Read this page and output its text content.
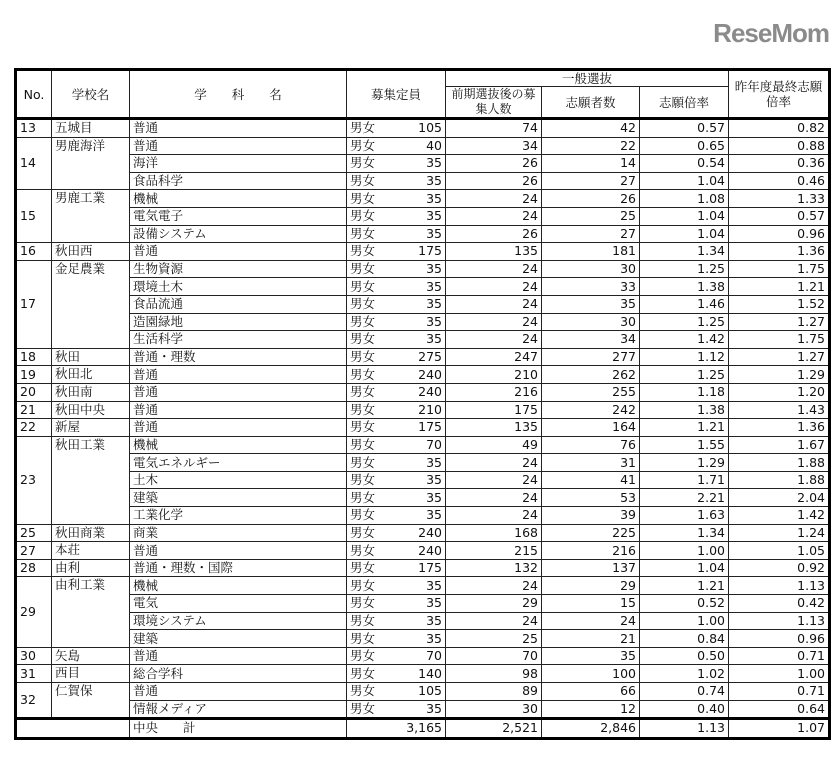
No.	学校名	学　　科　　名	募集定員	一般選抜			昨年度最終志願倍率
				前期選抜後の募集人数	志願者数	志願倍率	
13	五城目	普通	男女 105	74	42	0.57	0.82
14	男鹿海洋	普通	男女 40	34	22	0.65	0.88
		海洋	男女 35	26	14	0.54	0.36
		食品科学	男女 35	26	27	1.04	0.46
15	男鹿工業	機械	男女 35	24	26	1.08	1.33
		電気電子	男女 35	24	25	1.04	0.57
		設備システム	男女 35	26	27	1.04	0.96
16	秋田西	普通	男女 175	135	181	1.34	1.36
17	金足農業	生物資源	男女 35	24	30	1.25	1.75
		環境土木	男女 35	24	33	1.38	1.21
		食品流通	男女 35	24	35	1.46	1.52
		造園緑地	男女 35	24	30	1.25	1.27
		生活科学	男女 35	24	34	1.42	1.75
18	秋田	普通・理数	男女 275	247	277	1.12	1.27
19	秋田北	普通	男女 240	210	262	1.25	1.29
20	秋田南	普通	男女 240	216	255	1.18	1.20
21	秋田中央	普通	男女 210	175	242	1.38	1.43
22	新屋	普通	男女 175	135	164	1.21	1.36
23	秋田工業	機械	男女 70	49	76	1.55	1.67
		電気エネルギー	男女 35	24	31	1.29	1.88
		土木	男女 35	24	41	1.71	1.88
		建築	男女 35	24	53	2.21	2.04
		工業化学	男女 35	24	39	1.63	1.42
25	秋田商業	商業	男女 240	168	225	1.34	1.24
27	本荘	普通	男女 240	215	216	1.00	1.05
28	由利	普通・理数・国際	男女 175	132	137	1.04	0.92
29	由利工業	機械	男女 35	24	29	1.21	1.13
		電気	男女 35	29	15	0.52	0.42
		環境システム	男女 35	24	24	1.00	1.13
		建築	男女 35	25	21	0.84	0.96
30	矢島	普通	男女 70	70	35	0.50	0.71
31	西目	総合学科	男女 140	98	100	1.02	1.00
32	仁賀保	普通	男女 105	89	66	0.74	0.71
		情報メディア	男女 35	30	12	0.40	0.64
		中央　　計	3,165	2,521	2,846	1.13	1.07
ReseMom
